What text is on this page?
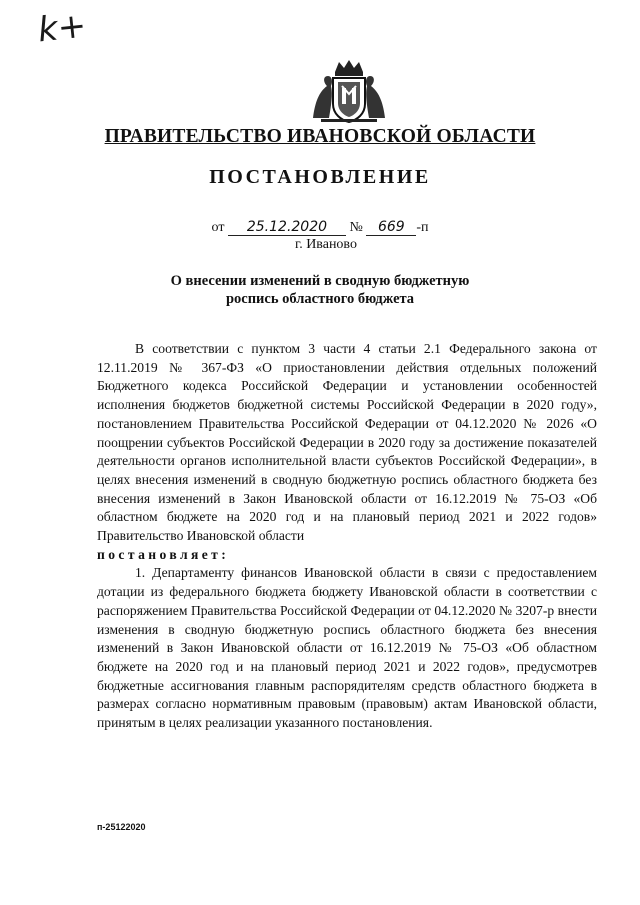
k+
ПРАВИТЕЛЬСТВО ИВАНОВСКОЙ ОБЛАСТИ
ПОСТАНОВЛЕНИЕ
от 25.12.2020 № 669 -п
г. Иваново
О внесении изменений в сводную бюджетную
роспись областного бюджета

В соответствии с пунктом 3 части 4 статьи 2.1 Федерального закона от 12.11.2019 № 367-ФЗ «О приостановлении действия отдельных положений Бюджетного кодекса Российской Федерации и установлении особенностей исполнения бюджетов бюджетной системы Российской Федерации в 2020 году», постановлением Правительства Российской Федерации от 04.12.2020 № 2026 «О поощрении субъектов Российской Федерации в 2020 году за достижение показателей деятельности органов исполнительной власти субъектов Российской Федерации», в целях внесения изменений в сводную бюджетную роспись областного бюджета без внесения изменений в Закон Ивановской области от 16.12.2019 № 75-ОЗ «Об областном бюджете на 2020 год и на плановый период 2021 и 2022 годов» Правительство Ивановской области

постановляет:

1. Департаменту финансов Ивановской области в связи с предоставлением дотации из федерального бюджета бюджету Ивановской области в соответствии с распоряжением Правительства Российской Федерации от 04.12.2020 № 3207-р внести изменения в сводную бюджетную роспись областного бюджета без внесения изменений в Закон Ивановской области от 16.12.2019 № 75-ОЗ «Об областном бюджете на 2020 год и на плановый период 2021 и 2022 годов», предусмотрев бюджетные ассигнования главным распорядителям средств областного бюджета в размерах согласно нормативным правовым (правовым) актам Ивановской области, принятым в целях реализации указанного постановления.

п-25122020
